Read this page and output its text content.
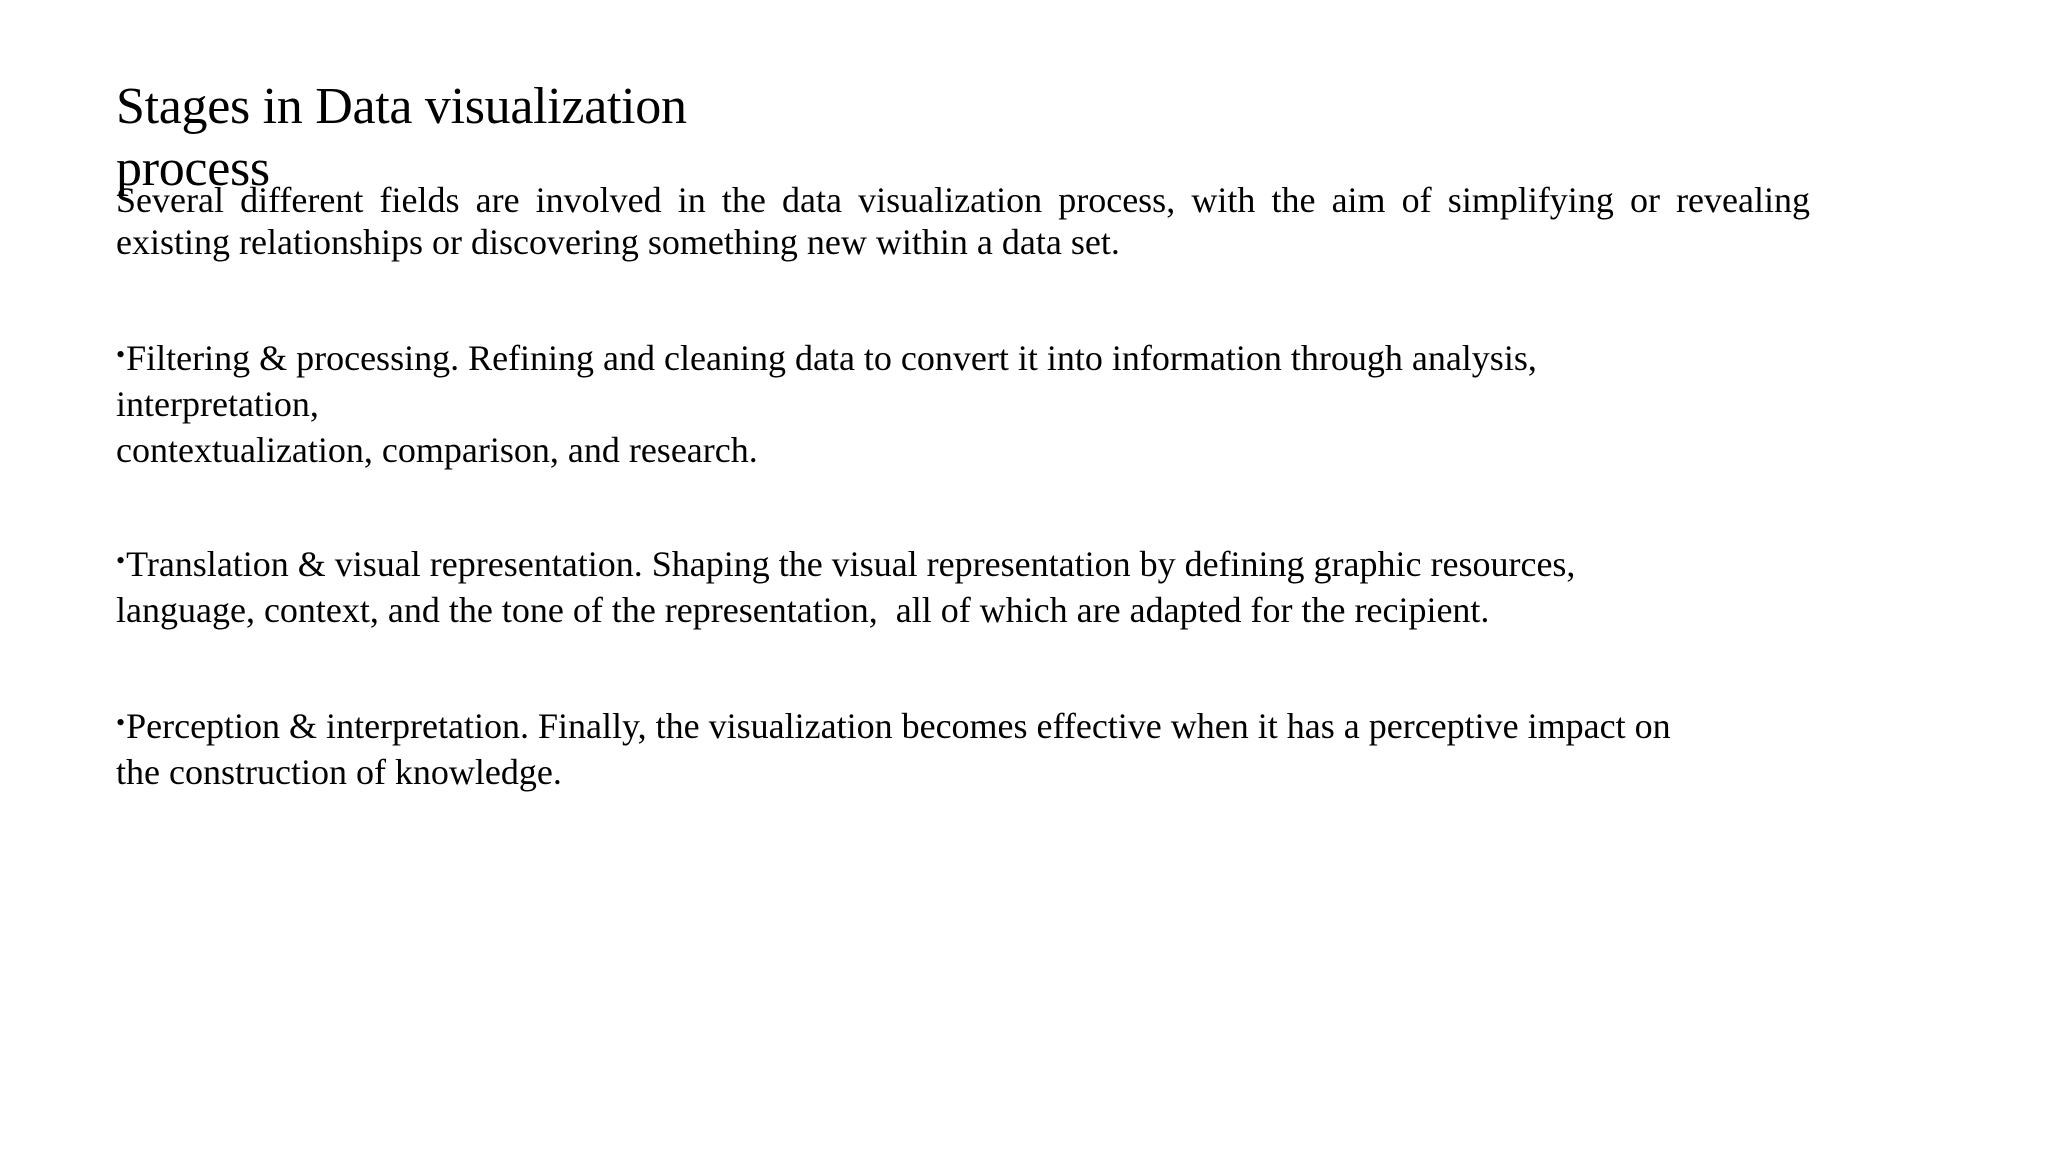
Stages in Data visualization process

Several different fields are involved in the data visualization process, with the aim of simplifying or revealing existing relationships or discovering something new within a data set.

•Filtering & processing. Refining and cleaning data to convert it into information through analysis,
interpretation,
contextualization, comparison, and research.

•Translation & visual representation. Shaping the visual representation by defining graphic resources,
language, context, and the tone of the representation,  all of which are adapted for the recipient.

•Perception & interpretation. Finally, the visualization becomes effective when it has a perceptive impact on
the construction of knowledge.
